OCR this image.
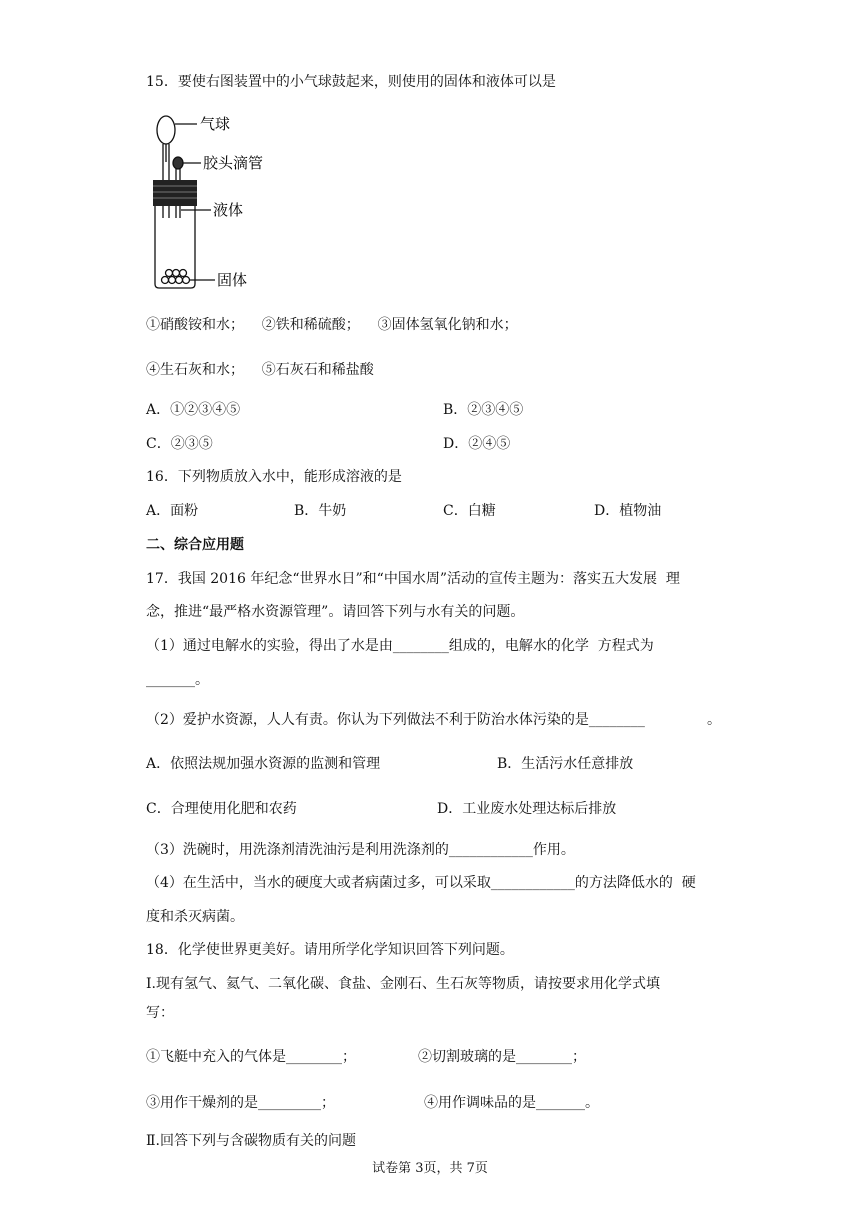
15．要使右图装置中的小气球鼓起来，则使用的固体和液体可以是
气球
胶头滴管
液体
固体
①硝酸铵和水；    ②铁和稀硫酸；    ③固体氢氧化钠和水；
④生石灰和水；    ⑤石灰石和稀盐酸
A．①②③④⑤	B．②③④⑤
C．②③⑤	D．②④⑤
16．下列物质放入水中，能形成溶液的是
A．面粉	B．牛奶	C．白糖	D．植物油
二、综合应用题
17．我国 2016 年纪念“世界水日”和“中国水周”活动的宣传主题为：落实五大发展  理
念，推进“最严格水资源管理”。请回答下列与水有关的问题。
（1）通过电解水的实验，得出了水是由________组成的，电解水的化学  方程式为
_______。
（2）爱护水资源，人人有责。你认为下列做法不利于防治水体污染的是________	。
A．依照法规加强水资源的监测和管理	B．生活污水任意排放
C．合理使用化肥和农药	D．工业废水处理达标后排放
（3）洗碗时，用洗涤剂清洗油污是利用洗涤剂的____________作用。
（4）在生活中，当水的硬度大或者病菌过多，可以采取____________的方法降低水的  硬
度和杀灭病菌。
18．化学使世界更美好。请用所学化学知识回答下列问题。
Ⅰ.现有氢气、氦气、二氧化碳、食盐、金刚石、生石灰等物质，请按要求用化学式填
写：
①飞艇中充入的气体是________；	②切割玻璃的是________；
③用作干燥剂的是_________；	④用作调味品的是_______。
Ⅱ.回答下列与含碳物质有关的问题
试卷第 3页，共 7页
